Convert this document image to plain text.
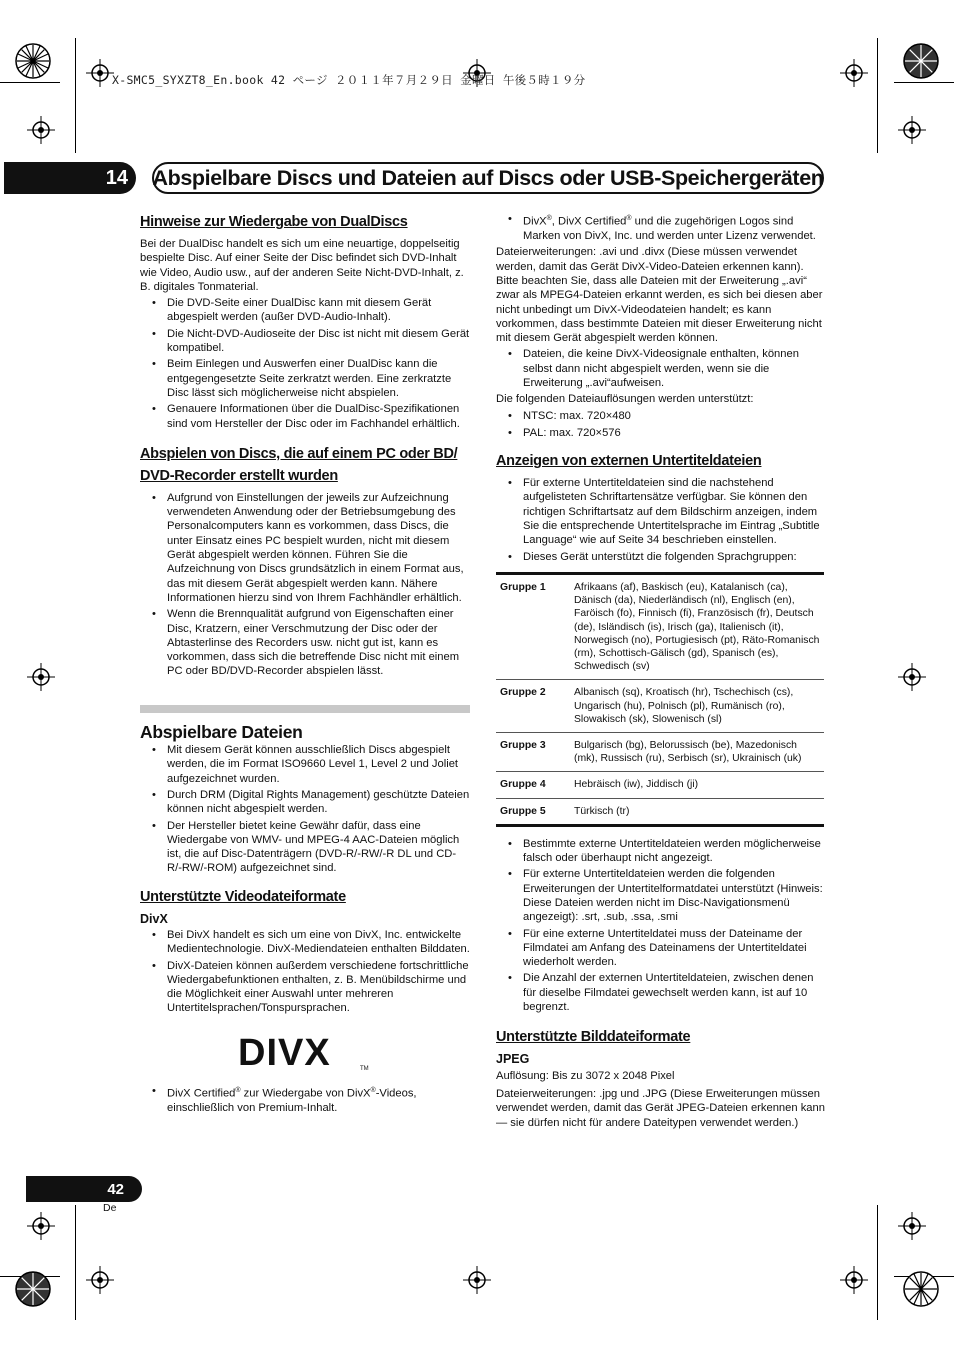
X-SMC5_SYXZT8_En.book 42 ページ ２０１１年７月２９日 金曜日 午後５時１９分
14	Abspielbare Discs und Dateien auf Discs oder USB-Speichergeräten
Hinweise zur Wiedergabe von DualDiscs

Bei der DualDisc handelt es sich um eine neuartige, doppelseitig bespielte Disc. Auf einer Seite der Disc befindet sich DVD-Inhalt wie Video, Audio usw., auf der anderen Seite Nicht-DVD-Inhalt, z. B. digitales Tonmaterial.

• Die DVD-Seite einer DualDisc kann mit diesem Gerät abgespielt werden (außer DVD-Audio-Inhalt).
• Die Nicht-DVD-Audioseite der Disc ist nicht mit diesem Gerät kompatibel.
• Beim Einlegen und Auswerfen einer DualDisc kann die entgegengesetzte Seite zerkratzt werden. Eine zerkratzte Disc lässt sich möglicherweise nicht abspielen.
• Genauere Informationen über die DualDisc-Spezifikationen sind vom Hersteller der Disc oder im Fachhandel erhältlich.
Abspielen von Discs, die auf einem PC oder BD/ DVD-Recorder erstellt wurden
• Aufgrund von Einstellungen der jeweils zur Aufzeichnung verwendeten Anwendung oder der Betriebsumgebung des Personalcomputers kann es vorkommen, dass Discs, die unter Einsatz eines PC bespielt wurden, nicht mit diesem Gerät abgespielt werden können. Führen Sie die Aufzeichnung von Discs grundsätzlich in einem Format aus, das mit diesem Gerät abgespielt werden kann. Nähere Informationen hierzu sind von Ihrem Fachhändler erhältlich.
• Wenn die Brennqualität aufgrund von Eigenschaften einer Disc, Kratzern, einer Verschmutzung der Disc oder der Abtasterlinse des Recorders usw. nicht gut ist, kann es vorkommen, dass sich die betreffende Disc nicht mit einem PC oder BD/DVD-Recorder abspielen lässt.
Abspielbare Dateien
• Mit diesem Gerät können ausschließlich Discs abgespielt werden, die im Format ISO9660 Level 1, Level 2 und Joliet aufgezeichnet wurden.
• Durch DRM (Digital Rights Management) geschützte Dateien können nicht abgespielt werden.
• Der Hersteller bietet keine Gewähr dafür, dass eine Wiedergabe von WMV- und MPEG-4 AAC-Dateien möglich ist, die auf Disc-Datenträgern (DVD-R/-RW/-R DL und CD-R/-RW/-ROM) aufgezeichnet sind.
Unterstützte Videodateiformate
DivX
• Bei DivX handelt es sich um eine von DivX, Inc. entwickelte Medientechnologie. DivX-Mediendateien enthalten Bilddaten.
• DivX-Dateien können außerdem verschiedene fortschrittliche Wiedergabefunktionen enthalten, z. B. Menübildschirme und die Möglichkeit einer Auswahl unter mehreren Untertitelsprachen/Tonspursprachen.
DIVX	TM
• DivX Certified® zur Wiedergabe von DivX®-Videos, einschließlich von Premium-Inhalt.
• DivX®, DivX Certified® und die zugehörigen Logos sind Marken von DivX, Inc. und werden unter Lizenz verwendet.

Dateierweiterungen: .avi und .divx (Diese müssen verwendet werden, damit das Gerät DivX-Video-Dateien erkennen kann). Bitte beachten Sie, dass alle Dateien mit der Erweiterung „.avi“ zwar als MPEG4-Dateien erkannt werden, es sich bei diesen aber nicht unbedingt um DivX-Videodateien handelt; es kann vorkommen, dass bestimmte Dateien mit dieser Erweiterung nicht mit diesem Gerät abgespielt werden können.

• Dateien, die keine DivX-Videosignale enthalten, können selbst dann nicht abgespielt werden, wenn sie die Erweiterung „.avi“aufweisen.

Die folgenden Dateiauflösungen werden unterstützt:

• NTSC: max. 720×480
• PAL: max. 720×576
Anzeigen von externen Untertiteldateien
• Für externe Untertiteldateien sind die nachstehend aufgelisteten Schriftartensätze verfügbar. Sie können den richtigen Schriftartsatz auf dem Bildschirm anzeigen, indem Sie die entsprechende Untertitelsprache im Eintrag „Subtitle Language“ wie auf Seite 34 beschrieben einstellen.
• Dieses Gerät unterstützt die folgenden Sprachgruppen:
Gruppe 1	Afrikaans (af), Baskisch (eu), Katalanisch (ca), Dänisch (da), Niederländisch (nl), Englisch (en), Faröisch (fo), Finnisch (fi), Französisch (fr), Deutsch (de), Isländisch (is), Irisch (ga), Italienisch (it), Norwegisch (no), Portugiesisch (pt), Räto-Romanisch (rm), Schottisch-Gälisch (gd), Spanisch (es), Schwedisch (sv)
Gruppe 2	Albanisch (sq), Kroatisch (hr), Tschechisch (cs), Ungarisch (hu), Polnisch (pl), Rumänisch (ro), Slowakisch (sk), Slowenisch (sl)
Gruppe 3	Bulgarisch (bg), Belorussisch (be), Mazedonisch (mk), Russisch (ru), Serbisch (sr), Ukrainisch (uk)
Gruppe 4	Hebräisch (iw), Jiddisch (ji)
Gruppe 5	Türkisch (tr)
• Bestimmte externe Untertiteldateien werden möglicherweise falsch oder überhaupt nicht angezeigt.
• Für externe Untertiteldateien werden die folgenden Erweiterungen der Untertitelformatdatei unterstützt (Hinweis: Diese Dateien werden nicht im Disc-Navigationsmenü angezeigt): .srt, .sub, .ssa, .smi
• Für eine externe Untertiteldatei muss der Dateiname der Filmdatei am Anfang des Dateinamens der Untertiteldatei wiederholt werden.
• Die Anzahl der externen Untertiteldateien, zwischen denen für dieselbe Filmdatei gewechselt werden kann, ist auf 10 begrenzt.
Unterstützte Bilddateiformate
JPEG

Auflösung: Bis zu 3072 x 2048 Pixel

Dateierweiterungen: .jpg und .JPG (Diese Erweiterungen müssen verwendet werden, damit das Gerät JPEG-Dateien erkennen kann — sie dürfen nicht für andere Dateitypen verwendet werden.)

42
De
